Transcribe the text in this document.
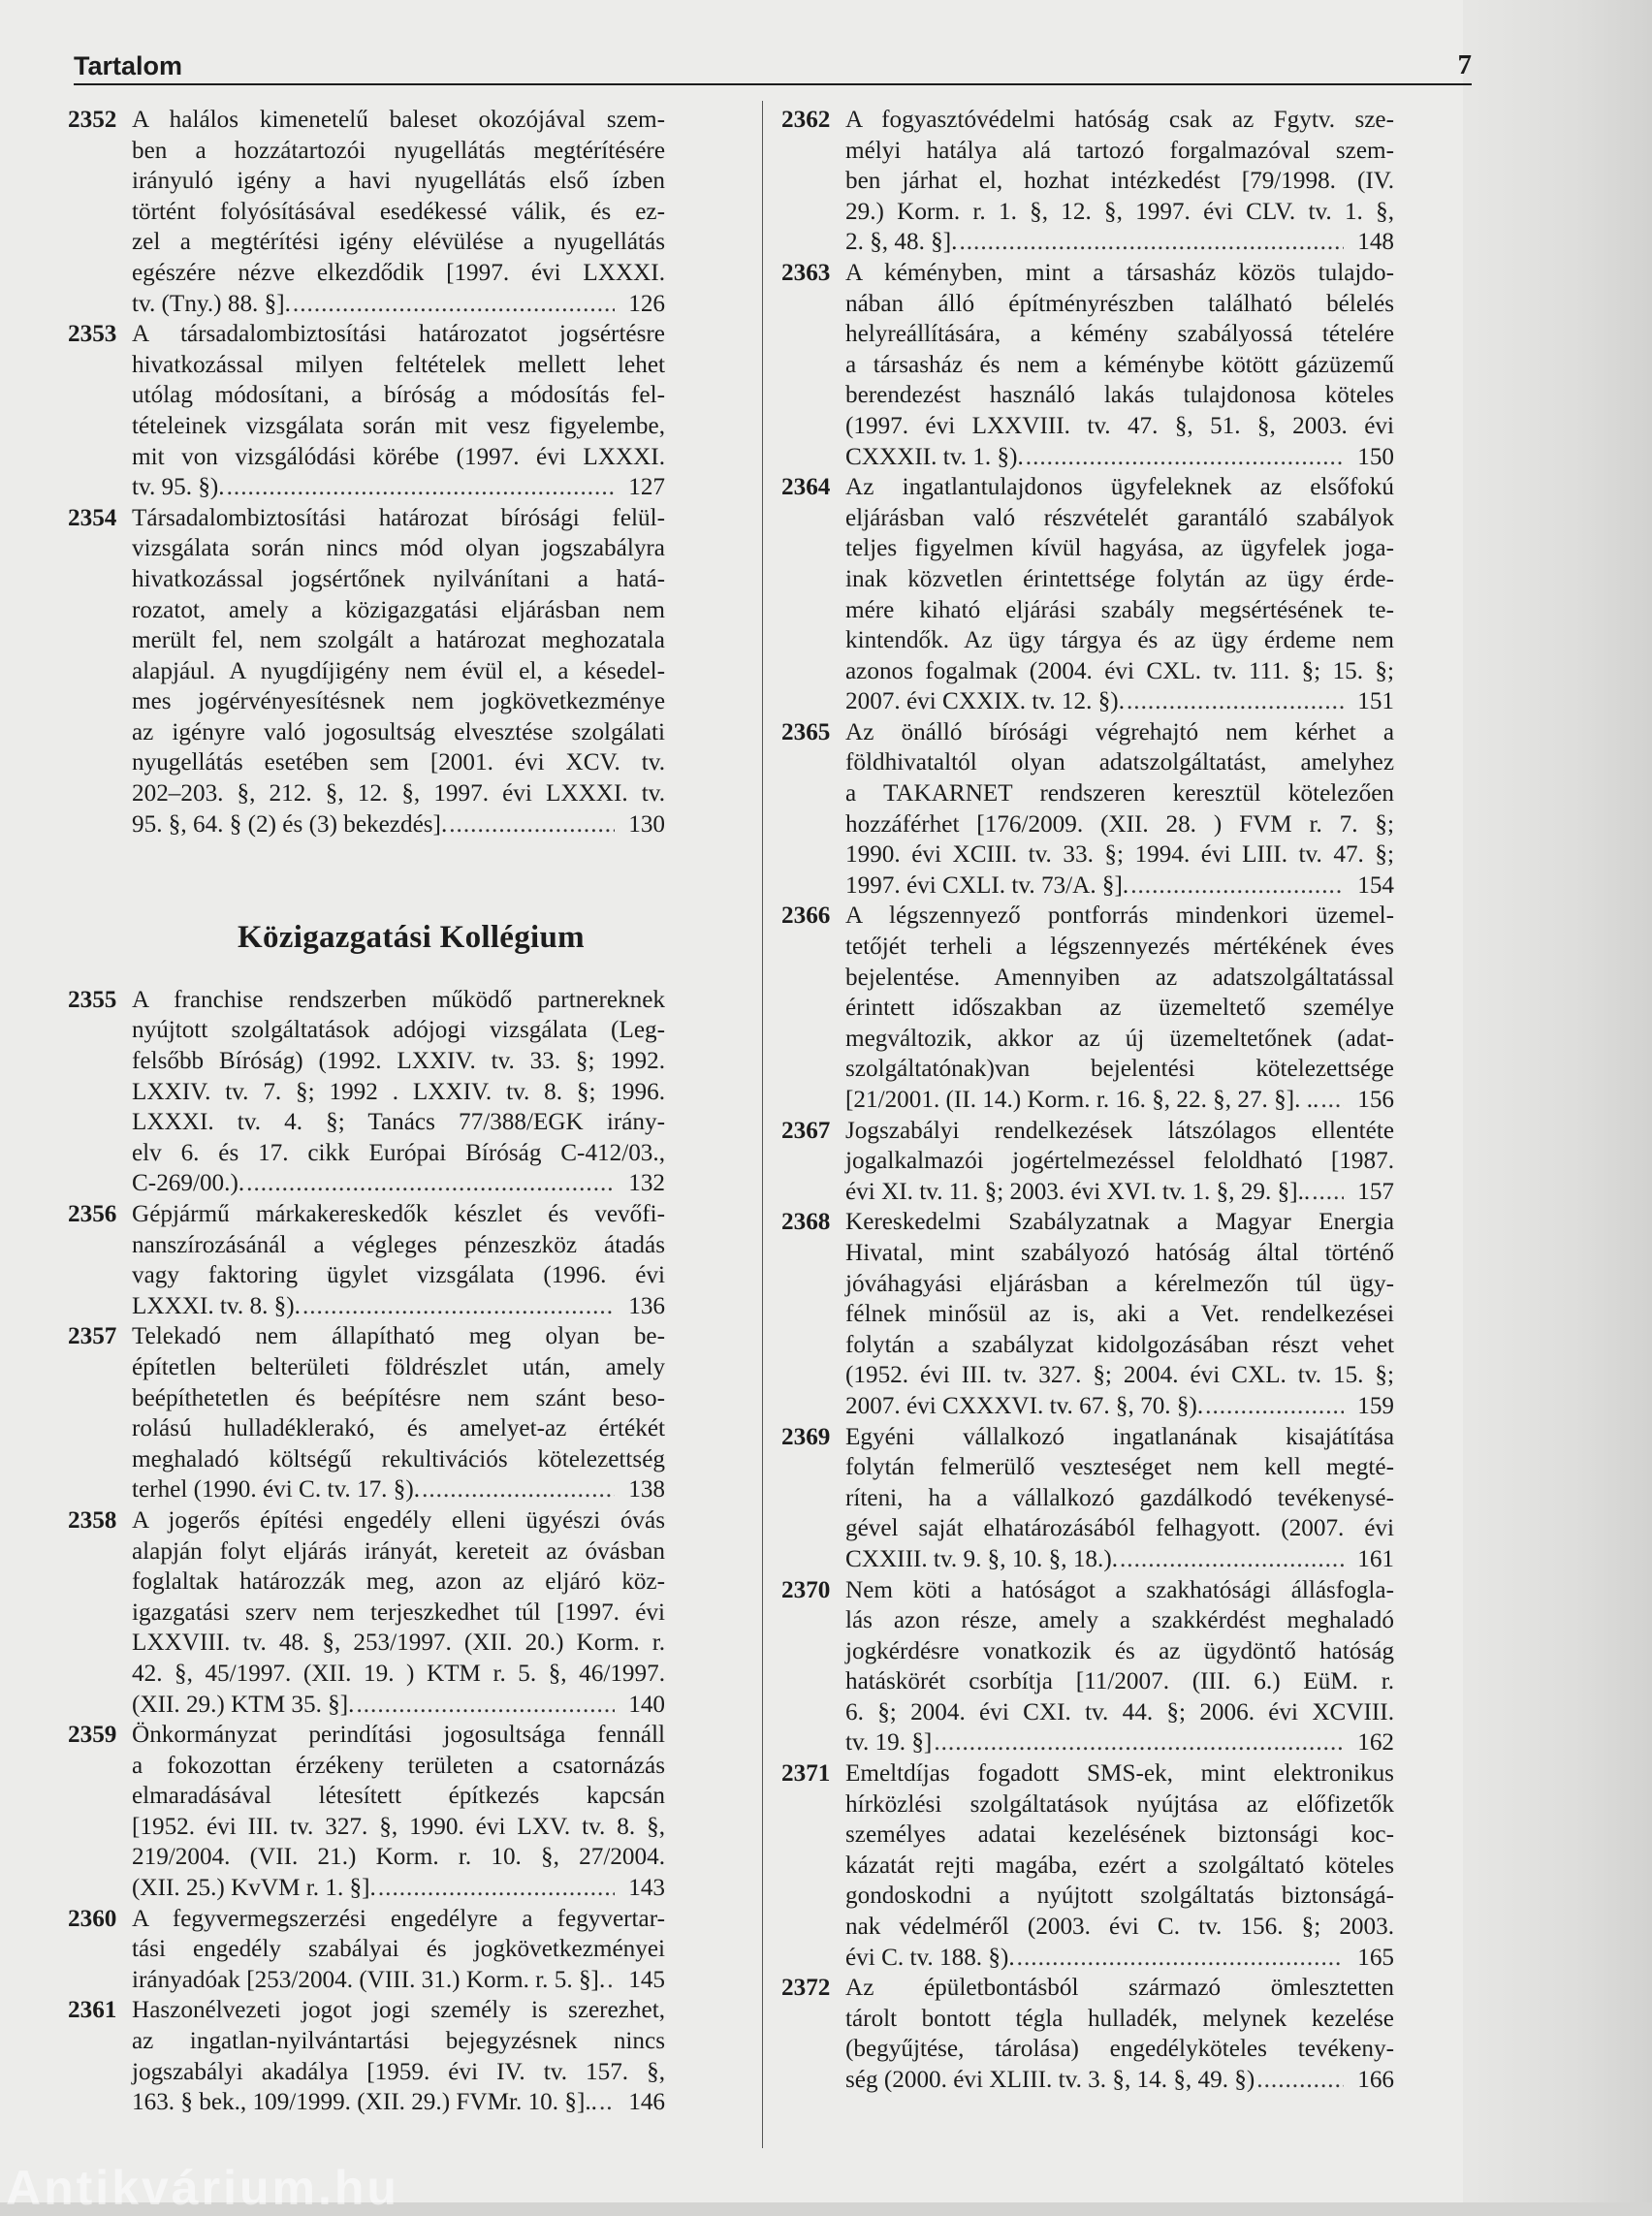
Tartalom	7
2352 A halálos kimenetelű baleset okozójával szem-
ben a hozzátartozói nyugellátás megtérítésére
irányuló igény a havi nyugellátás első ízben
történt folyósításával esedékessé válik, és ez-
zel a megtérítési igény elévülése a nyugellátás
egészére nézve elkezdődik [1997. évi LXXXI.
tv. (Tny.) 88. §]. .....	126
2353 A társadalombiztosítási határozatot jogsértésre
hivatkozással milyen feltételek mellett lehet
utólag módosítani, a bíróság a módosítás fel-
tételeinek vizsgálata során mit vesz figyelembe,
mit von vizsgálódási körébe (1997. évi LXXXI.
tv. 95. §). .....	127
2354 Társadalombiztosítási határozat bírósági felül-
vizsgálata során nincs mód olyan jogszabályra
hivatkozással jogsértőnek nyilvánítani a hatá-
rozatot, amely a közigazgatási eljárásban nem
merült fel, nem szolgált a határozat meghozatala
alapjául. A nyugdíjigény nem évül el, a késedel-
mes jogérvényesítésnek nem jogkövetkezménye
az igényre való jogosultság elvesztése szolgálati
nyugellátás esetében sem [2001. évi XCV. tv.
202–203. §, 212. §, 12. §, 1997. évi LXXXI. tv.
95. §, 64. § (2) és (3) bekezdés]. .....	130
Közigazgatási Kollégium
2355 A franchise rendszerben működő partnereknek
nyújtott szolgáltatások adójogi vizsgálata (Leg-
felsőbb Bíróság) (1992. LXXIV. tv. 33. §; 1992.
LXXIV. tv. 7. §; 1992 . LXXIV. tv. 8. §; 1996.
LXXXI. tv. 4. §; Tanács 77/388/EGK irány-
elv 6. és 17. cikk Európai Bíróság C-412/03.,
C-269/00.). .....	132
2356 Gépjármű márkakereskedők készlet és vevőfi-
nanszírozásánál a végleges pénzeszköz átadás
vagy faktoring ügylet vizsgálata (1996. évi
LXXXI. tv. 8. §). .....	136
2357 Telekadó nem állapítható meg olyan be-
építetlen belterületi földrészlet után, amely
beépíthetetlen és beépítésre nem szánt beso-
rolású hulladéklerakó, és amelyet-az értékét
meghaladó költségű rekultivációs kötelezettség
terhel (1990. évi C. tv. 17. §). .....	138
2358 A jogerős építési engedély elleni ügyészi óvás
alapján folyt eljárás irányát, kereteit az óvásban
foglaltak határozzák meg, azon az eljáró köz-
igazgatási szerv nem terjeszkedhet túl [1997. évi
LXXVIII. tv. 48. §, 253/1997. (XII. 20.) Korm. r.
42. §, 45/1997. (XII. 19. ) KTM r. 5. §, 46/1997.
(XII. 29.) KTM 35. §]. .....	140
2359 Önkormányzat perindítási jogosultsága fennáll
a fokozottan érzékeny területen a csatornázás
elmaradásával létesített építkezés kapcsán
[1952. évi III. tv. 327. §, 1990. évi LXV. tv. 8. §,
219/2004. (VII. 21.) Korm. r. 10. §, 27/2004.
(XII. 25.) KvVM r. 1. §]. .....	143
2360 A fegyvermegszerzési engedélyre a fegyvertar-
tási engedély szabályai és jogkövetkezményei
irányadóak [253/2004. (VIII. 31.) Korm. r. 5. §]. ..... 145
2361 Haszonélvezeti jogot jogi személy is szerezhet,
az ingatlan-nyilvántartási bejegyzésnek nincs
jogszabályi akadálya [1959. évi IV. tv. 157. §,
163. § bek., 109/1999. (XII. 29.) FVMr. 10. §].. .....	146
2362 A fogyasztóvédelmi hatóság csak az Fgytv. sze-
mélyi hatálya alá tartozó forgalmazóval szem-
ben járhat el, hozhat intézkedést [79/1998. (IV.
29.) Korm. r. 1. §, 12. §, 1997. évi CLV. tv. 1. §,
2. §, 48. §]. .....	148
2363 A kéményben, mint a társasház közös tulajdo-
nában álló építményrészben található bélelés
helyreállítására, a kémény szabályossá tételére
a társasház és nem a kéménybe kötött gázüzemű
berendezést használó lakás tulajdonosa köteles
(1997. évi LXXVIII. tv. 47. §, 51. §, 2003. évi
CXXXII. tv. 1. §). .....	150
2364 Az ingatlantulajdonos ügyfeleknek az elsőfokú
eljárásban való részvételét garantáló szabályok
teljes figyelmen kívül hagyása, az ügyfelek joga-
inak közvetlen érintettsége folytán az ügy érde-
mére kiható eljárási szabály megsértésének te-
kintendők. Az ügy tárgya és az ügy érdeme nem
azonos fogalmak (2004. évi CXL. tv. 111. §; 15. §;
2007. évi CXXIX. tv. 12. §). .....	151
2365 Az önálló bírósági végrehajtó nem kérhet a
földhivataltól olyan adatszolgáltatást, amelyhez
a TAKARNET rendszeren keresztül kötelezően
hozzáférhet [176/2009. (XII. 28. ) FVM r. 7. §;
1990. évi XCIII. tv. 33. §; 1994. évi LIII. tv. 47. §;
1997. évi CXLI. tv. 73/A. §]. .....	154
2366 A légszennyező pontforrás mindenkori üzemel-
tetőjét terheli a légszennyezés mértékének éves
bejelentése. Amennyiben az adatszolgáltatással
érintett időszakban az üzemeltető személye
megváltozik, akkor az új üzemeltetőnek (adat-
szolgáltatónak)van bejelentési kötelezettsége
[21/2001. (II. 14.) Korm. r. 16. §, 22. §, 27. §]. .. .....	156
2367 Jogszabályi rendelkezések látszólagos ellentéte
jogalkalmazói jogértelmezéssel feloldható [1987.
évi XI. tv. 11. §; 2003. évi XVI. tv. 1. §, 29. §].. .....	157
2368 Kereskedelmi Szabályzatnak a Magyar Energia
Hivatal, mint szabályozó hatóság által történő
jóváhagyási eljárásban a kérelmezőn túl ügy-
félnek minősül az is, aki a Vet. rendelkezései
folytán a szabályzat kidolgozásában részt vehet
(1952. évi III. tv. 327. §; 2004. évi CXL. tv. 15. §;
2007. évi CXXXVI. tv. 67. §, 70. §). .....	159
2369 Egyéni vállalkozó ingatlanának kisajátítása
folytán felmerülő veszteséget nem kell megté-
ríteni, ha a vállalkozó gazdálkodó tevékenysé-
gével saját elhatározásából felhagyott. (2007. évi
CXXIII. tv. 9. §, 10. §, 18.). .....	161
2370 Nem köti a hatóságot a szakhatósági állásfogla-
lás azon része, amely a szakkérdést meghaladó
jogkérdésre vonatkozik és az ügydöntő hatóság
hatáskörét csorbítja [11/2007. (III. 6.) EüM. r.
6. §; 2004. évi CXI. tv. 44. §; 2006. évi XCVIII.
tv. 19. §] .....	162
2371 Emeltdíjas fogadott SMS-ek, mint elektronikus
hírközlési szolgáltatások nyújtása az előfizetők
személyes adatai kezelésének biztonsági koc-
kázatát rejti magába, ezért a szolgáltató köteles
gondoskodni a nyújtott szolgáltatás biztonságá-
nak védelméről (2003. évi C. tv. 156. §; 2003.
évi C. tv. 188. §). .....	165
2372 Az épületbontásból származó ömlesztetten
tárolt bontott tégla hulladék, melynek kezelése
(begyűjtése, tárolása) engedélyköteles tevékeny-
ség (2000. évi XLIII. tv. 3. §, 14. §, 49. §) .....	166
Antikvárium.hu
